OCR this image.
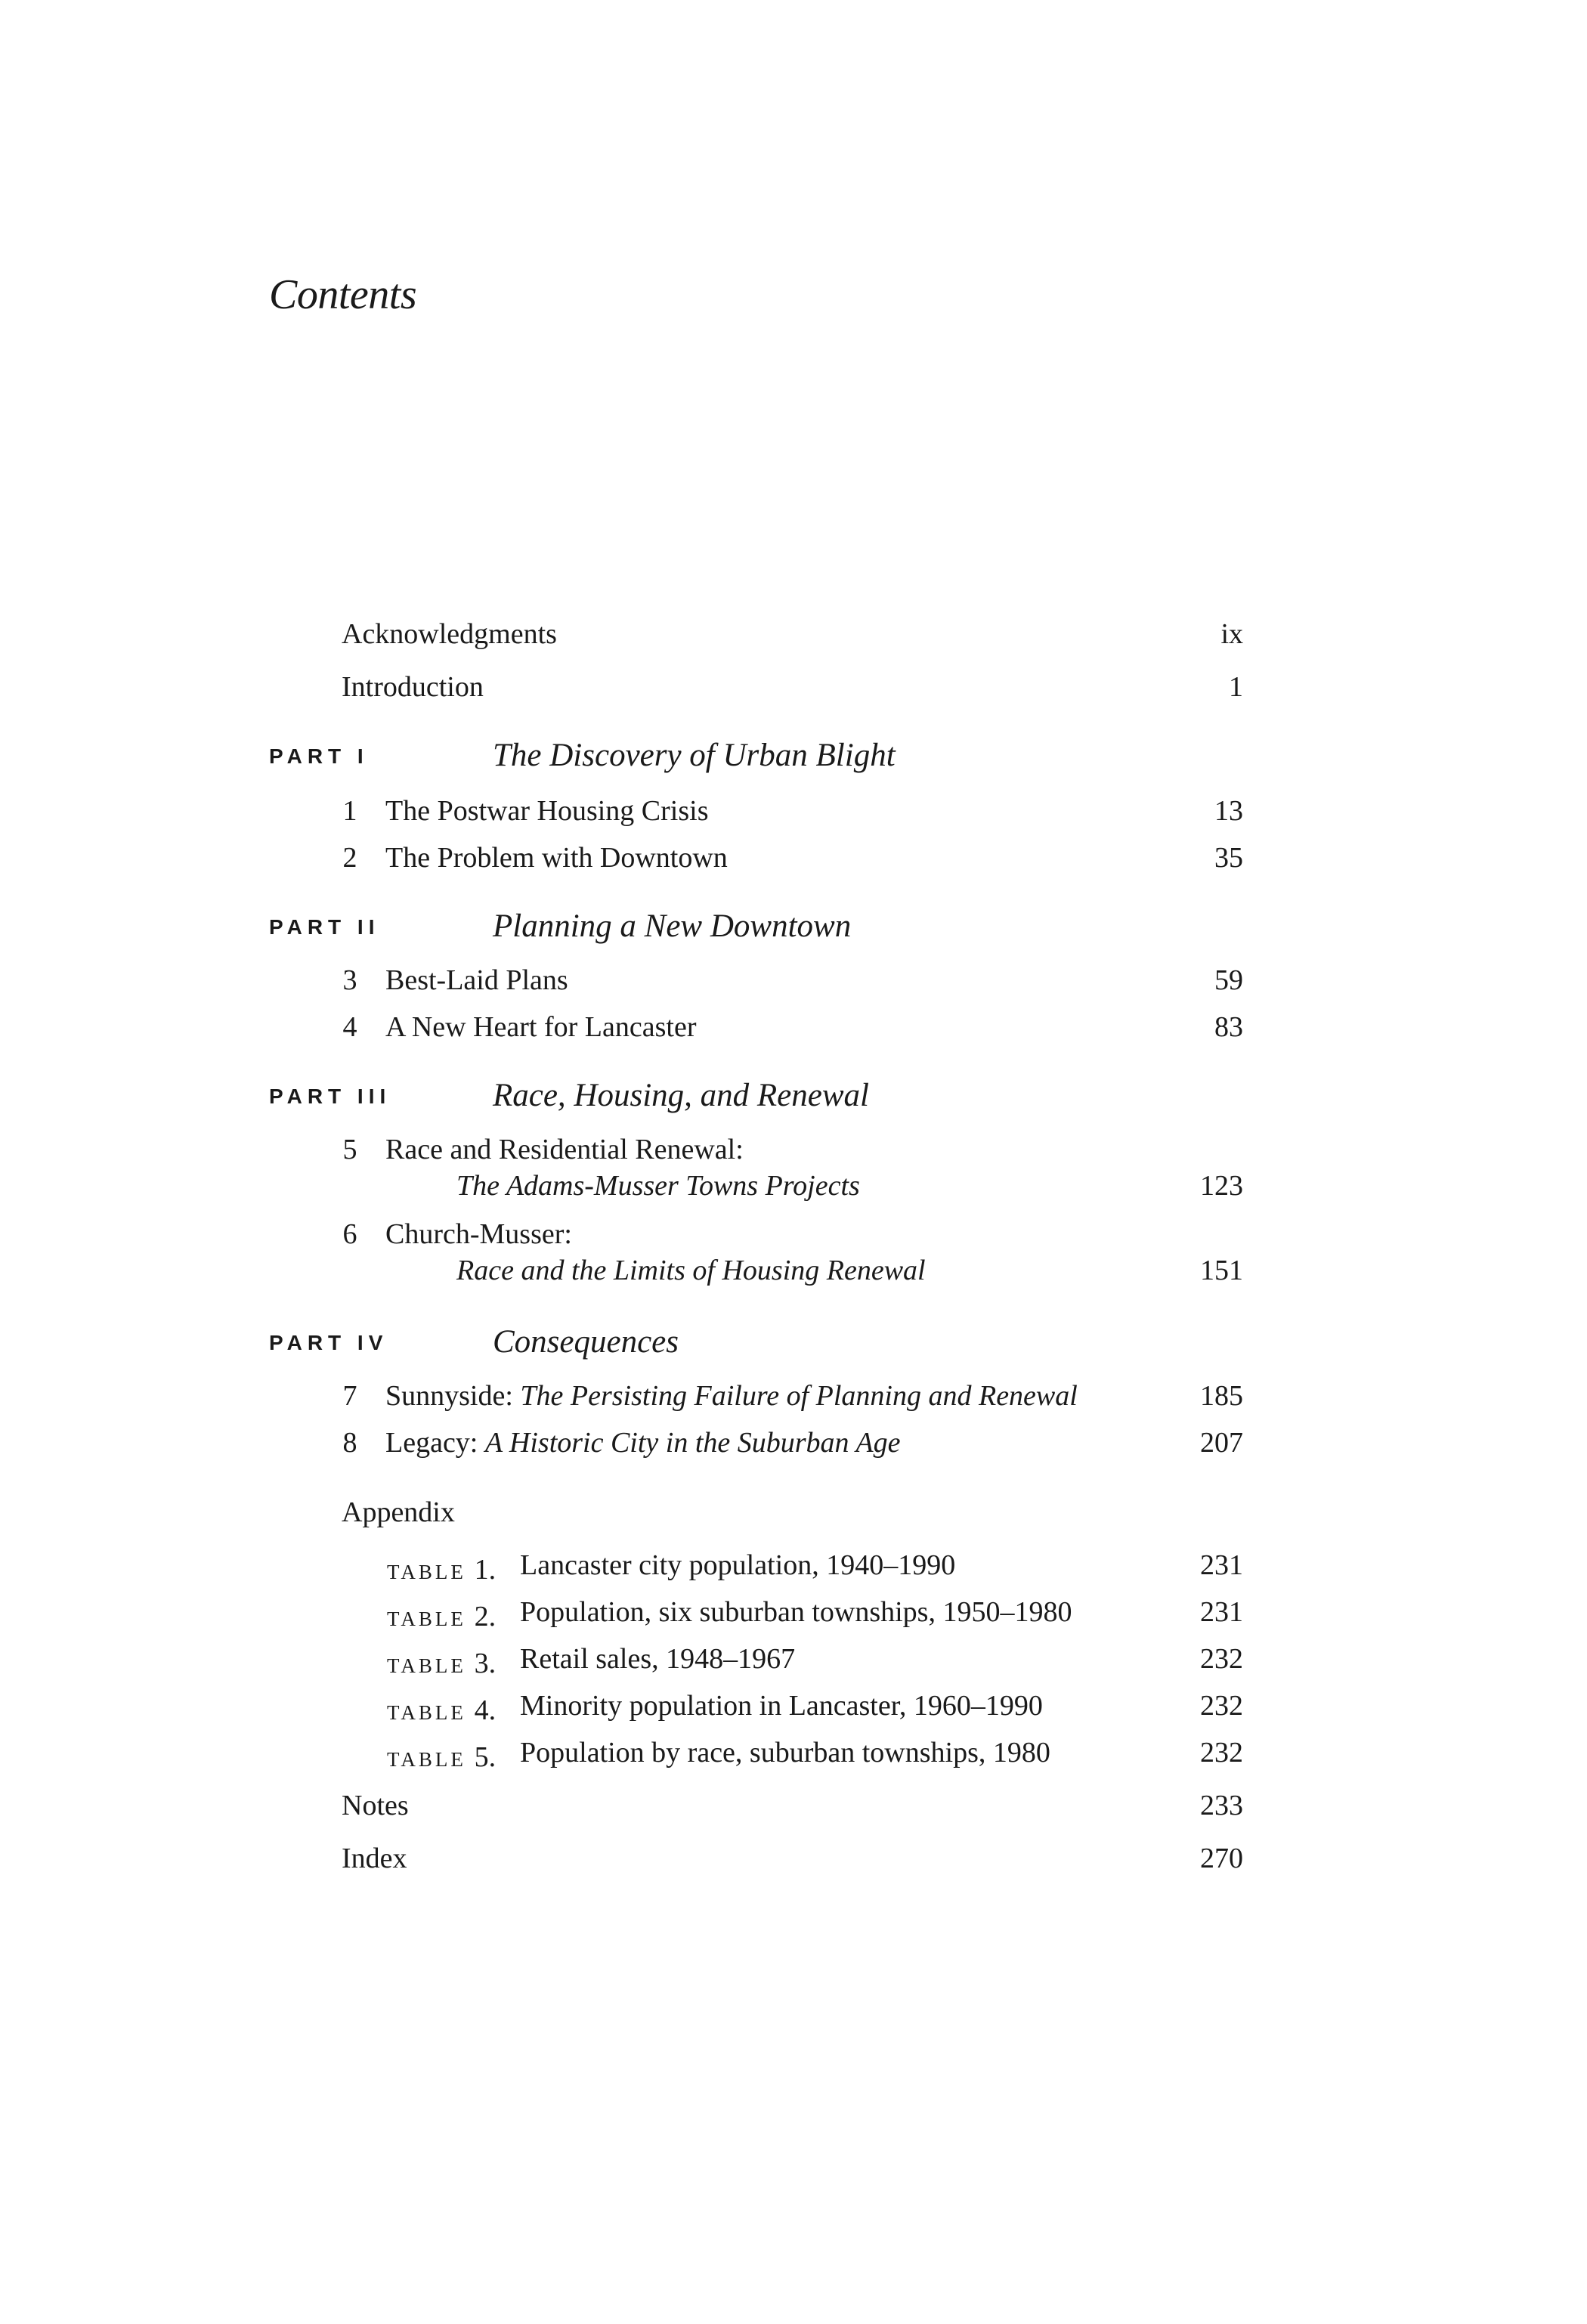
Contents
Acknowledgments	ix
Introduction	1
PART I	The Discovery of Urban Blight
1 The Postwar Housing Crisis	13
2 The Problem with Downtown	35
PART II	Planning a New Downtown
3 Best-Laid Plans	59
4 A New Heart for Lancaster	83
PART III	Race, Housing, and Renewal
5 Race and Residential Renewal:
The Adams-Musser Towns Projects	123
6 Church-Musser:
Race and the Limits of Housing Renewal	151
PART IV	Consequences
7 Sunnyside: The Persisting Failure of Planning and Renewal	185
8 Legacy: A Historic City in the Suburban Age	207
Appendix
TABLE 1. Lancaster city population, 1940–1990	231
TABLE 2. Population, six suburban townships, 1950–1980	231
TABLE 3. Retail sales, 1948–1967	232
TABLE 4. Minority population in Lancaster, 1960–1990	232
TABLE 5. Population by race, suburban townships, 1980	232
Notes	233
Index	270
